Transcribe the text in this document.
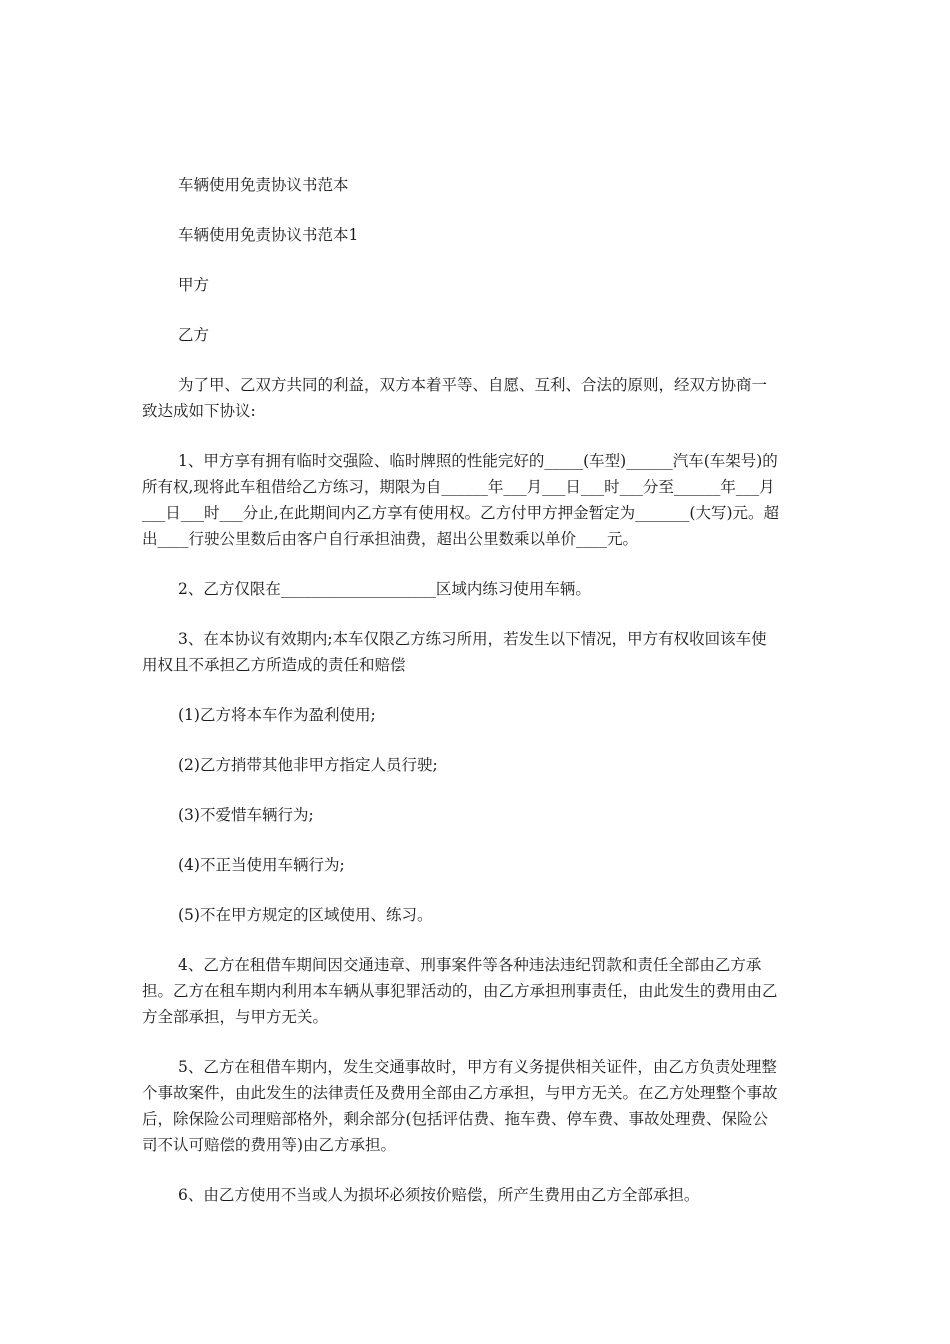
车辆使用免责协议书范本

车辆使用免责协议书范本1

甲方

乙方

为了甲、乙双方共同的利益，双方本着平等、自愿、互利、合法的原则，经双方协商一致达成如下协议:

1、甲方享有拥有临时交强险、临时牌照的性能完好的_____(车型)______汽车(车架号)的所有权,现将此车租借给乙方练习，期限为自______年___月___日___时___分至______年___月___日___时___分止,在此期间内乙方享有使用权。乙方付甲方押金暂定为_______(大写)元。超出____行驶公里数后由客户自行承担油费，超出公里数乘以单价____元。

2、乙方仅限在____________________区域内练习使用车辆。

3、在本协议有效期内;本车仅限乙方练习所用，若发生以下情况，甲方有权收回该车使用权且不承担乙方所造成的责任和赔偿

(1)乙方将本车作为盈利使用;

(2)乙方捎带其他非甲方指定人员行驶;

(3)不爱惜车辆行为;

(4)不正当使用车辆行为;

(5)不在甲方规定的区域使用、练习。

4、乙方在租借车期间因交通违章、刑事案件等各种违法违纪罚款和责任全部由乙方承担。乙方在租车期内利用本车辆从事犯罪活动的，由乙方承担刑事责任，由此发生的费用由乙方全部承担，与甲方无关。

5、乙方在租借车期内，发生交通事故时，甲方有义务提供相关证件，由乙方负责处理整个事故案件，由此发生的法律责任及费用全部由乙方承担，与甲方无关。在乙方处理整个事故后，除保险公司理赔部格外，剩余部分(包括评估费、拖车费、停车费、事故处理费、保险公司不认可赔偿的费用等)由乙方承担。

6、由乙方使用不当或人为损坏必须按价赔偿，所产生费用由乙方全部承担。
